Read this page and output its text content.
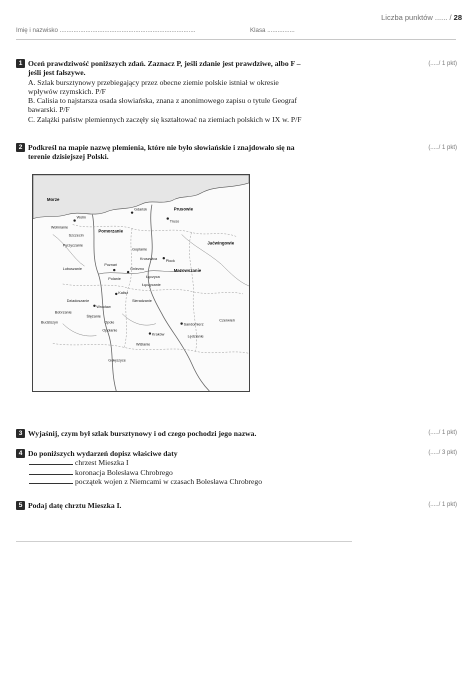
Liczba punktów ...... / 28
Imię i nazwisko ...............................................................................	Klasa ................
1 Oceń prawdziwość poniższych zdań. Zaznacz P, jeśli zdanie jest prawdziwe, albo F –
jeśli jest fałszywe.
A. Szlak bursztynowy przebiegający przez obecne ziemie polskie istniał w okresie
wpływów rzymskich. P/F
B. Calisia to najstarsza osada słowiańska, znana z anonimowego zapisu o tytule Geograf
bawarski. P/F
C. Zalążki państw plemiennych zaczęły się kształtować na ziemiach polskich w IX w. P/F
(...../ 1 pkt)
2 Podkreśl na mapie nazwę plemienia, które nie było słowiańskie i znajdowało się na
terenie dzisiejszej Polski.
(...../ 1 pkt)
Morze
Pomorzanie
Prusowie
Jaćwingowie
Mazowszanie
Goplanie
Polanie
Łęczycanie
Sieradzanie
Ślężanie
Wiślanie
Lędzianie
Dziadoszanie
Bobrzanie
Opolanie
Gołęszyce
Lubuszanie
Wolinianie
Pyrzyczanie
Gdańsk
Truso
Płock
Gniezno
Poznań
Kalisz
Wrocław
Opole
Kraków
Sandomierz
Czerwień
Budziszyn
Szczecin
Wolin
Kruszwica
Łęczyca
3 Wyjaśnij, czym był szlak bursztynowy i od czego pochodzi jego nazwa.	(...../ 1 pkt)
4 Do poniższych wydarzeń dopisz właściwe daty
chrzest Mieszka I
koronacja Bolesława Chrobrego
początek wojen z Niemcami w czasach Bolesława Chrobrego
(...../ 3 pkt)
5 Podaj datę chrztu Mieszka I.	(...../ 1 pkt)
